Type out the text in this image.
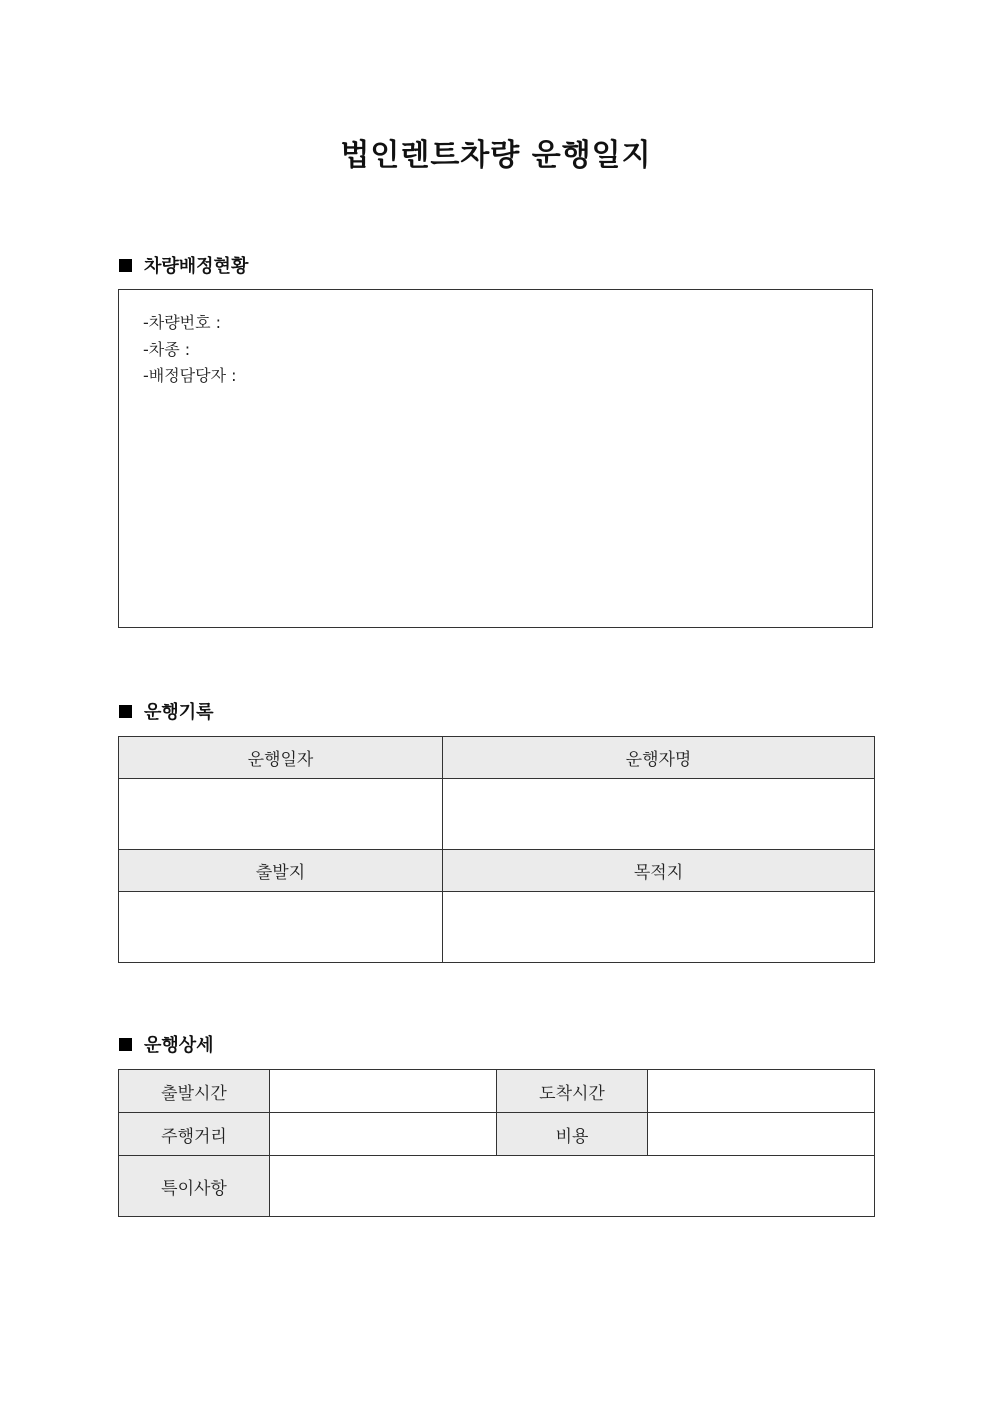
법인렌트차량 운행일지
차량배정현황
-차량번호 :
-차종 :
-배정담당자 :
운행기록
운행일자	운행자명

출발지	목적지

운행상세
출발시간		도착시간	
주행거리		비용	
특이사항			
